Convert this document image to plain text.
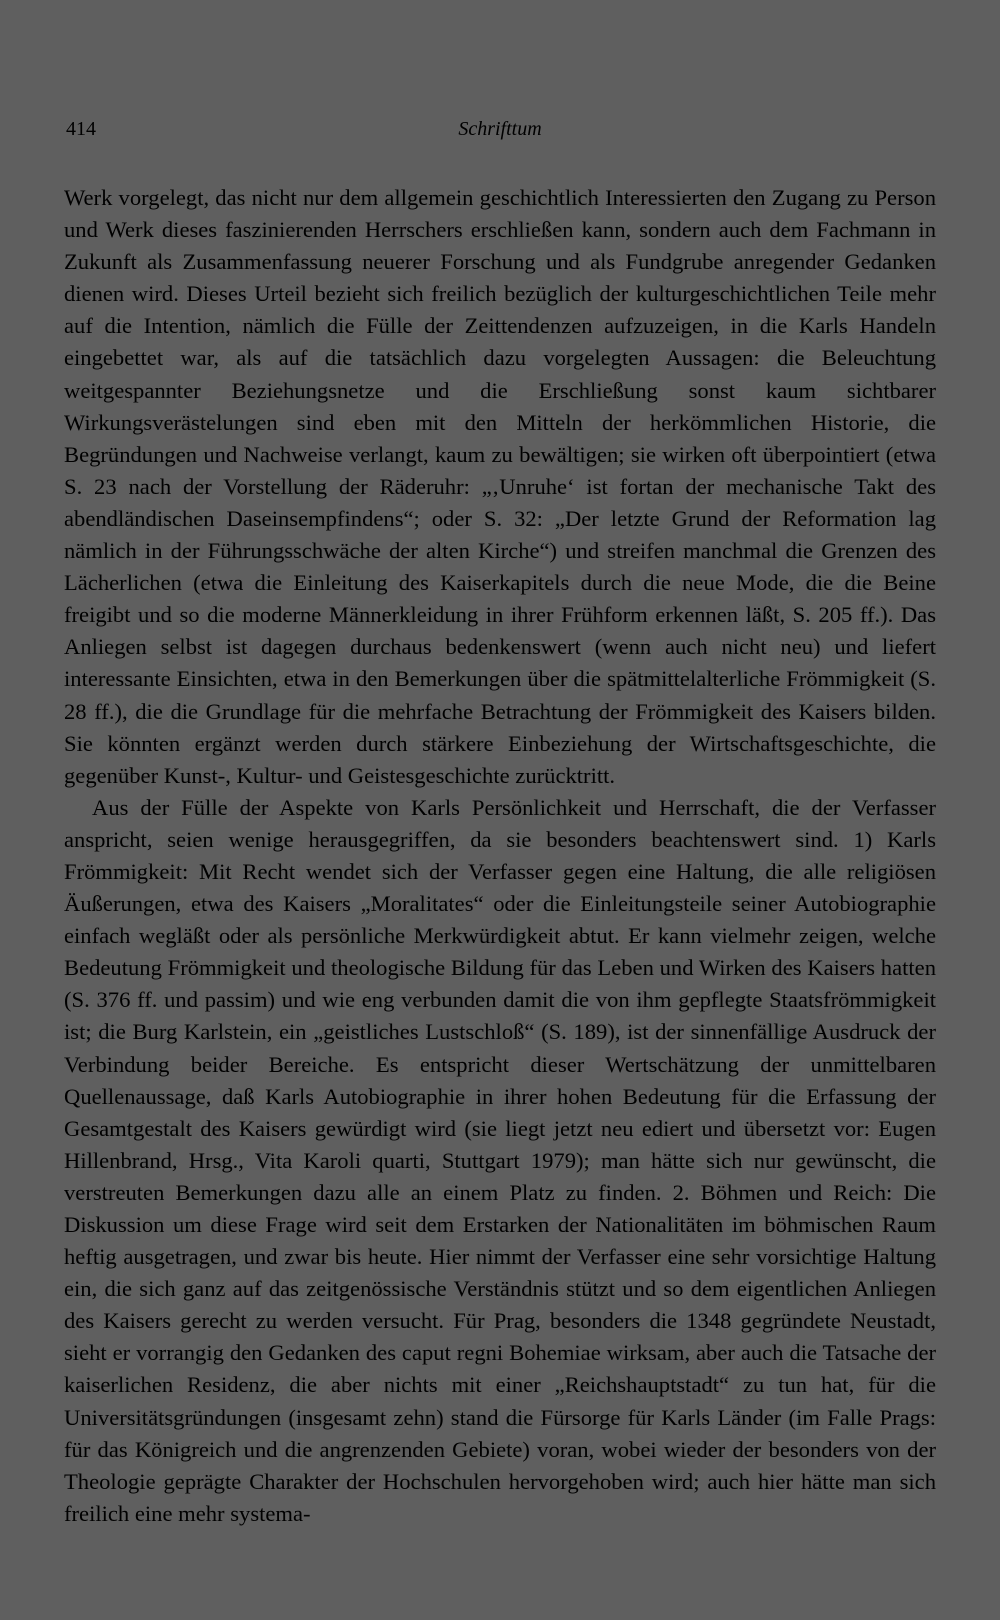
414	Schrifttum

Werk vorgelegt, das nicht nur dem allgemein geschichtlich Interessierten den Zugang zu Person und Werk dieses faszinierenden Herrschers erschließen kann, sondern auch dem Fachmann in Zukunft als Zusammenfassung neuerer Forschung und als Fundgrube anregender Gedanken dienen wird. Dieses Urteil bezieht sich freilich bezüglich der kulturgeschichtlichen Teile mehr auf die Intention, nämlich die Fülle der Zeittendenzen aufzuzeigen, in die Karls Handeln eingebettet war, als auf die tatsächlich dazu vorgelegten Aussagen: die Beleuchtung weitgespannter Beziehungsnetze und die Erschließung sonst kaum sichtbarer Wirkungsverästelungen sind eben mit den Mitteln der herkömmlichen Historie, die Begründungen und Nachweise verlangt, kaum zu bewältigen; sie wirken oft überpointiert (etwa S. 23 nach der Vorstellung der Räderuhr: „‚Unruhe‘ ist fortan der mechanische Takt des abendländischen Daseinsempfindens“; oder S. 32: „Der letzte Grund der Reformation lag nämlich in der Führungsschwäche der alten Kirche“) und streifen manchmal die Grenzen des Lächerlichen (etwa die Einleitung des Kaiserkapitels durch die neue Mode, die die Beine freigibt und so die moderne Männerkleidung in ihrer Frühform erkennen läßt, S. 205 ff.). Das Anliegen selbst ist dagegen durchaus bedenkenswert (wenn auch nicht neu) und liefert interessante Einsichten, etwa in den Bemerkungen über die spätmittelalterliche Frömmigkeit (S. 28 ff.), die die Grundlage für die mehrfache Betrachtung der Frömmigkeit des Kaisers bilden. Sie könnten ergänzt werden durch stärkere Einbeziehung der Wirtschaftsgeschichte, die gegenüber Kunst-, Kultur- und Geistesgeschichte zurücktritt.

Aus der Fülle der Aspekte von Karls Persönlichkeit und Herrschaft, die der Verfasser anspricht, seien wenige herausgegriffen, da sie besonders beachtenswert sind. 1) Karls Frömmigkeit: Mit Recht wendet sich der Verfasser gegen eine Haltung, die alle religiösen Äußerungen, etwa des Kaisers „Moralitates“ oder die Einleitungsteile seiner Autobiographie einfach wegläßt oder als persönliche Merkwürdigkeit abtut. Er kann vielmehr zeigen, welche Bedeutung Frömmigkeit und theologische Bildung für das Leben und Wirken des Kaisers hatten (S. 376 ff. und passim) und wie eng verbunden damit die von ihm gepflegte Staatsfrömmigkeit ist; die Burg Karlstein, ein „geistliches Lustschloß“ (S. 189), ist der sinnenfällige Ausdruck der Verbindung beider Bereiche. Es entspricht dieser Wertschätzung der unmittelbaren Quellenaussage, daß Karls Autobiographie in ihrer hohen Bedeutung für die Erfassung der Gesamtgestalt des Kaisers gewürdigt wird (sie liegt jetzt neu ediert und übersetzt vor: Eugen Hillenbrand, Hrsg., Vita Karoli quarti, Stuttgart 1979); man hätte sich nur gewünscht, die verstreuten Bemerkungen dazu alle an einem Platz zu finden. 2. Böhmen und Reich: Die Diskussion um diese Frage wird seit dem Erstarken der Nationalitäten im böhmischen Raum heftig ausgetragen, und zwar bis heute. Hier nimmt der Verfasser eine sehr vorsichtige Haltung ein, die sich ganz auf das zeitgenössische Verständnis stützt und so dem eigentlichen Anliegen des Kaisers gerecht zu werden versucht. Für Prag, besonders die 1348 gegründete Neustadt, sieht er vorrangig den Gedanken des caput regni Bohemiae wirksam, aber auch die Tatsache der kaiserlichen Residenz, die aber nichts mit einer „Reichshauptstadt“ zu tun hat, für die Universitätsgründungen (insgesamt zehn) stand die Fürsorge für Karls Länder (im Falle Prags: für das Königreich und die angrenzenden Gebiete) voran, wobei wieder der besonders von der Theologie geprägte Charakter der Hochschulen hervorgehoben wird; auch hier hätte man sich freilich eine mehr systema-
